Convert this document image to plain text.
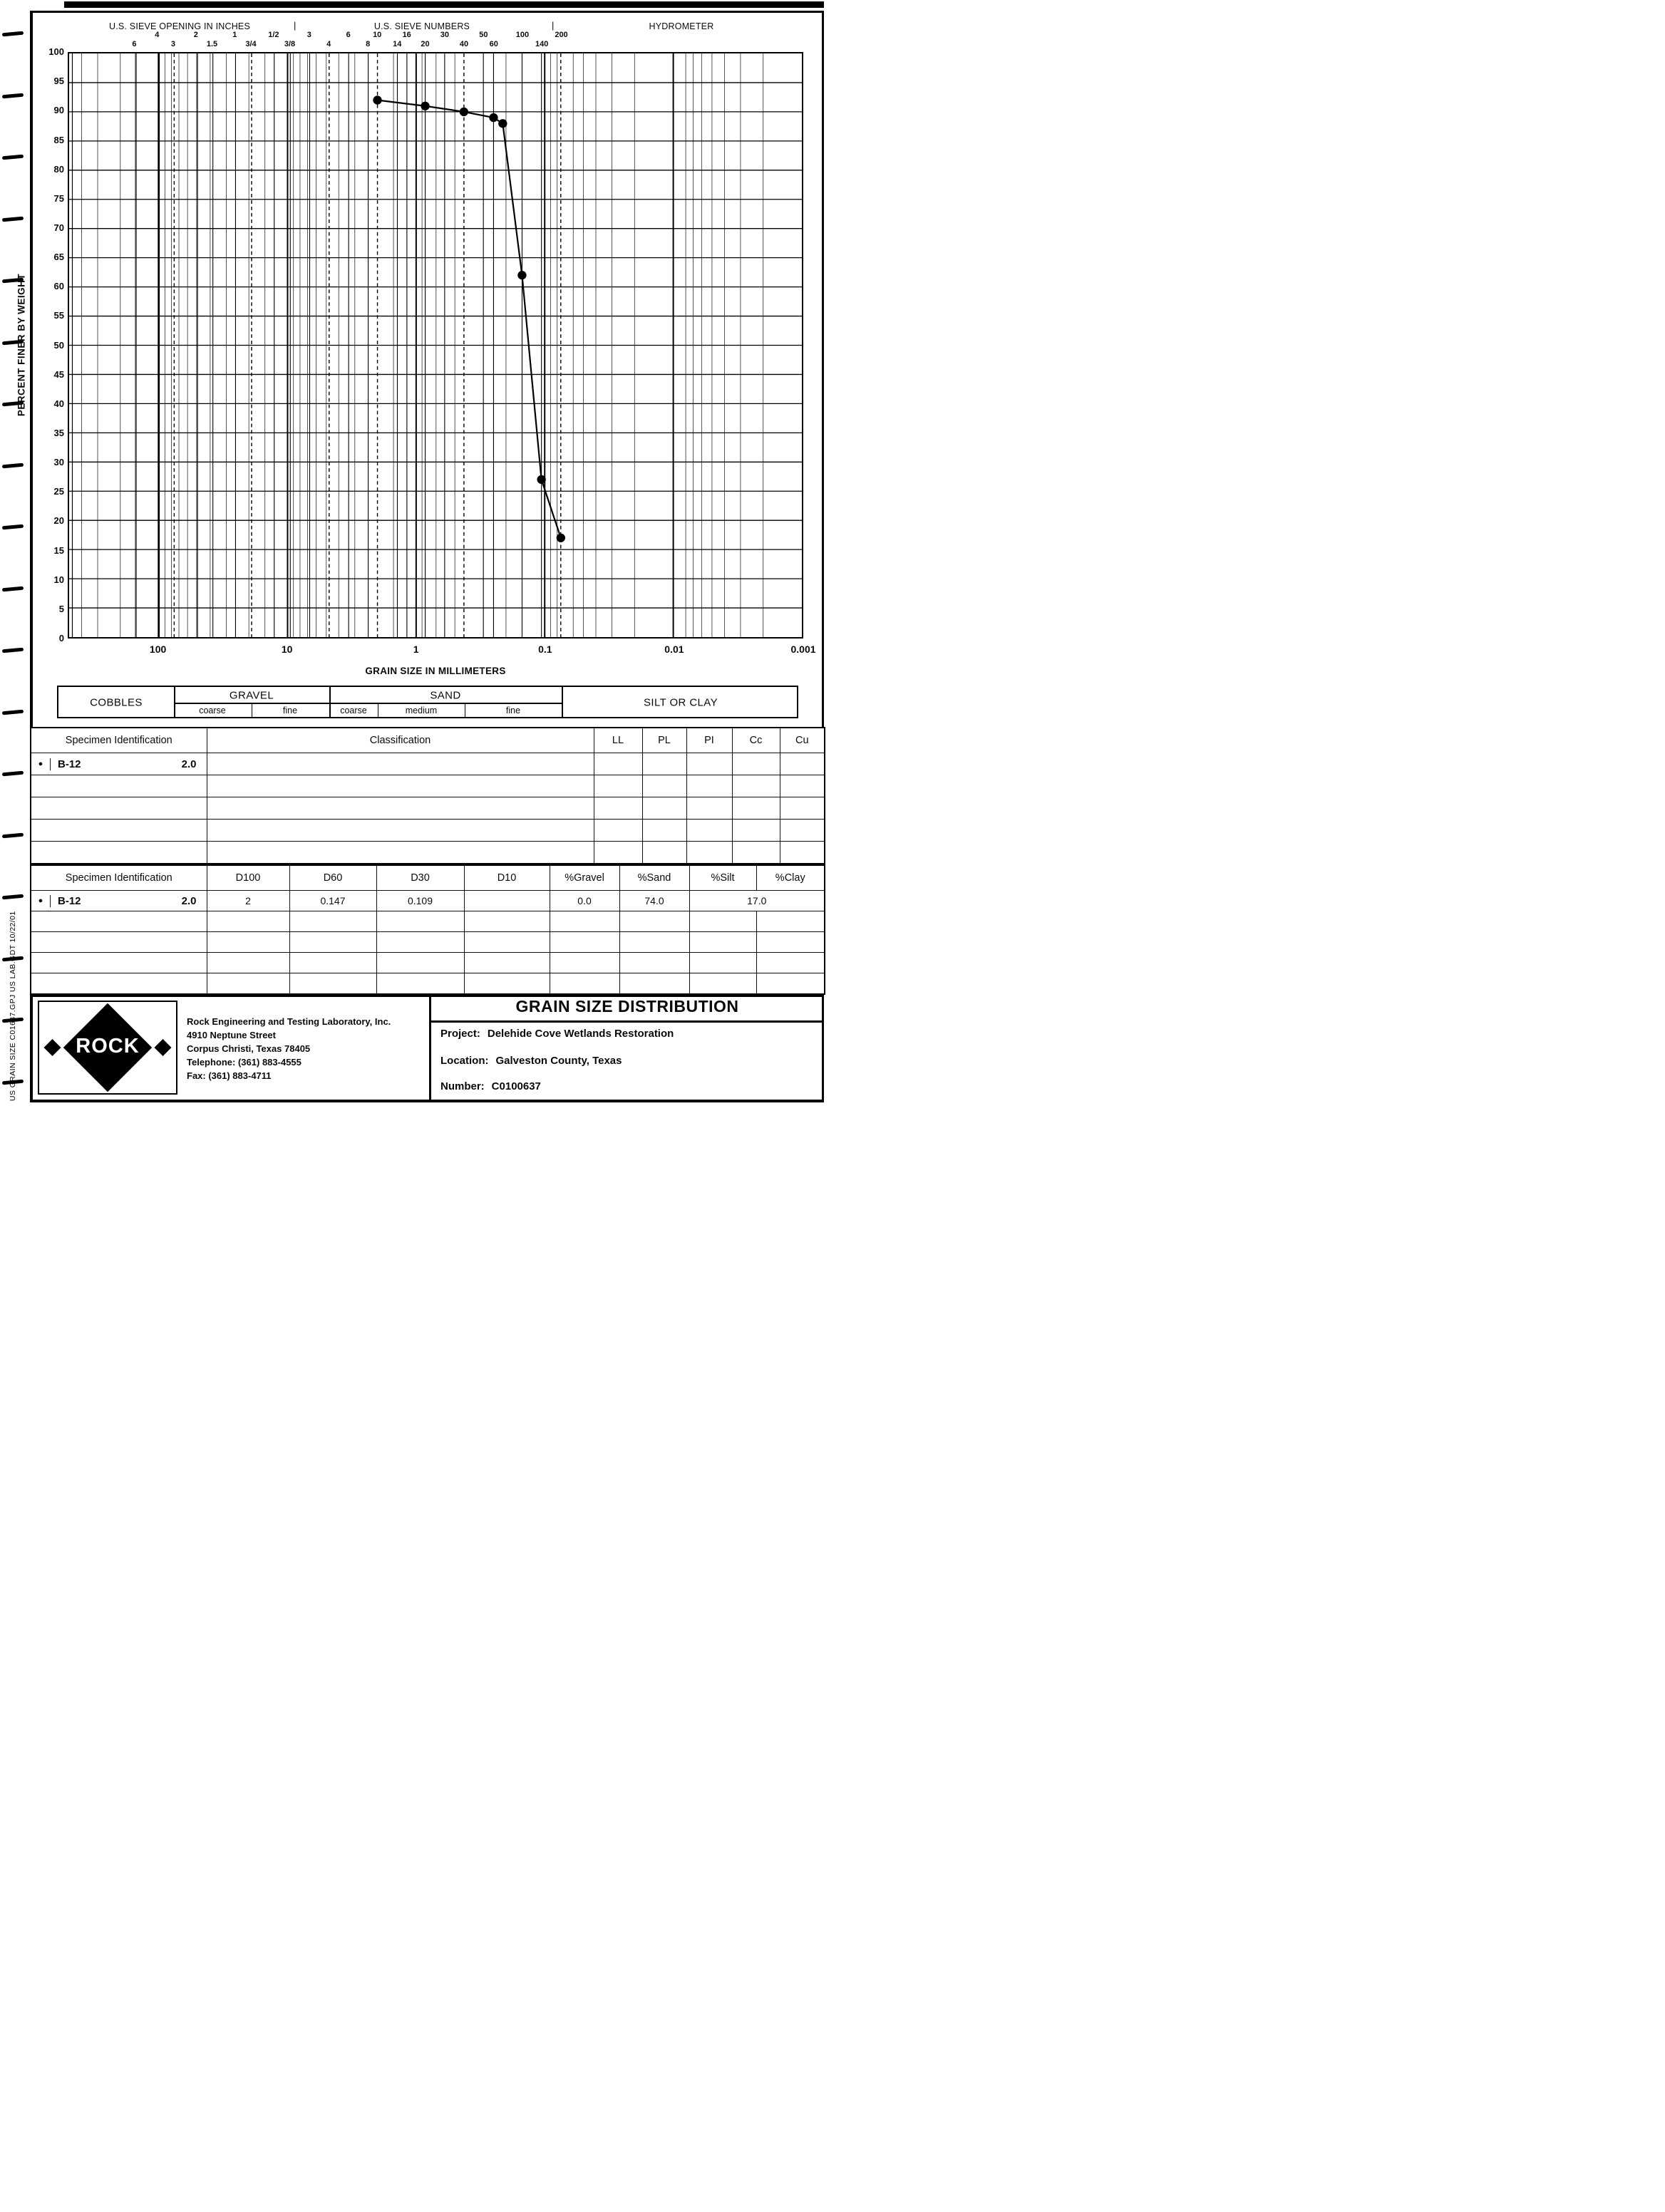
US GRAIN SIZE C01637.GPJ US LAB.GDT 10/22/01
U.S. SIEVE OPENING IN INCHES	|	U.S. SIEVE NUMBERS	|	HYDROMETER
6
4
3
2
1.5
1
3/4
1/2
3/8
3
4
6
8
10
14
16
20
30
40
50
60
100
140
200
100
95
90
85
80
75
70
65
60
55
50
45
40
35
30
25
20
15
10
5
0
PERCENT FINER BY WEIGHT
100	10	1	0.1	0.01	0.001
GRAIN SIZE IN MILLIMETERS
COBBLES
GRAVEL
coarse	fine
SAND
coarse	medium	fine
SILT OR CLAY
Specimen Identification	Classification	LL	PL	PI	Cc	Cu

● B-12 2.0						

Specimen Identification	D100	D60	D30	D10	%Gravel	%Sand	%Silt	%Clay

● B-12 2.0	2	0.147	0.109		0.0	74.0	17.0	

ROCK
Rock Engineering and Testing Laboratory, Inc.
4910 Neptune Street
Corpus Christi, Texas 78405
Telephone: (361) 883-4555
Fax: (361) 883-4711
GRAIN SIZE DISTRIBUTION
Project: Delehide Cove Wetlands Restoration
Location: Galveston County, Texas
Number: C0100637
